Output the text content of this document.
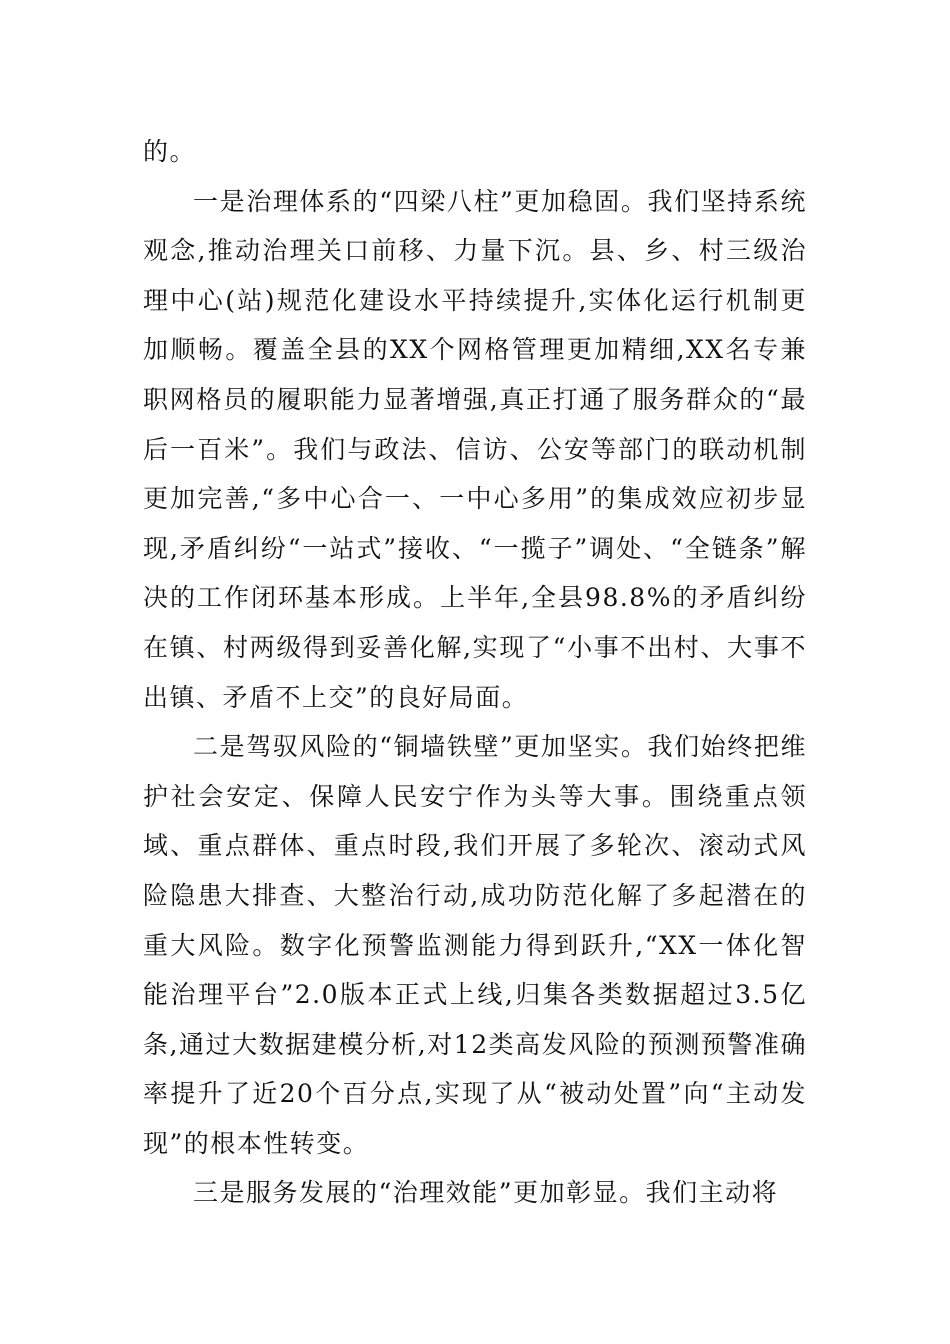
的。

一是治理体系的“四梁八柱”更加稳固。我们坚持系统观念,推动治理关口前移、力量下沉。县、乡、村三级治理中心(站)规范化建设水平持续提升,实体化运行机制更加顺畅。覆盖全县的XX个网格管理更加精细,XX名专兼职网格员的履职能力显著增强,真正打通了服务群众的“最后一百米”。我们与政法、信访、公安等部门的联动机制更加完善,“多中心合一、一中心多用”的集成效应初步显现,矛盾纠纷“一站式”接收、“一揽子”调处、“全链条”解决的工作闭环基本形成。上半年,全县98.8%的矛盾纠纷在镇、村两级得到妥善化解,实现了“小事不出村、大事不出镇、矛盾不上交”的良好局面。

二是驾驭风险的“铜墙铁壁”更加坚实。我们始终把维护社会安定、保障人民安宁作为头等大事。围绕重点领域、重点群体、重点时段,我们开展了多轮次、滚动式风险隐患大排查、大整治行动,成功防范化解了多起潜在的重大风险。数字化预警监测能力得到跃升,“XX一体化智能治理平台”2.0版本正式上线,归集各类数据超过3.5亿条,通过大数据建模分析,对12类高发风险的预测预警准确率提升了近20个百分点,实现了从“被动处置”向“主动发现”的根本性转变。

三是服务发展的“治理效能”更加彰显。我们主动将
